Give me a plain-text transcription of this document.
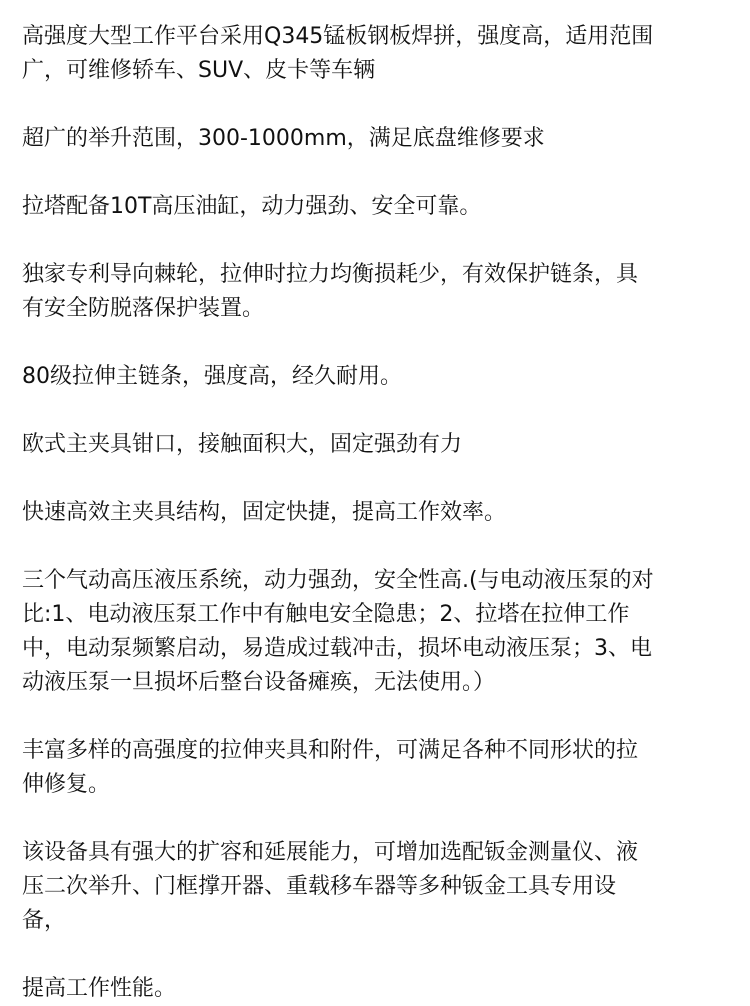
高强度大型工作平台采用Q345锰板钢板焊拼，强度高，适用范围
广，可维修轿车、SUV、皮卡等车辆

超广的举升范围，300-1000mm，满足底盘维修要求

拉塔配备10T高压油缸，动力强劲、安全可靠。

独家专利导向棘轮，拉伸时拉力均衡损耗少，有效保护链条，具
有安全防脱落保护装置。

80级拉伸主链条，强度高，经久耐用。

欧式主夹具钳口，接触面积大，固定强劲有力

快速高效主夹具结构，固定快捷，提高工作效率。

三个气动高压液压系统，动力强劲，安全性高.(与电动液压泵的对
比:1、电动液压泵工作中有触电安全隐患；2、拉塔在拉伸工作
中，电动泵频繁启动，易造成过载冲击，损坏电动液压泵；3、电
动液压泵一旦损坏后整台设备瘫痪，无法使用。）

丰富多样的高强度的拉伸夹具和附件，可满足各种不同形状的拉
伸修复。

该设备具有强大的扩容和延展能力，可增加选配钣金测量仪、液
压二次举升、门框撑开器、重载移车器等多种钣金工具专用设
备，

提高工作性能。
